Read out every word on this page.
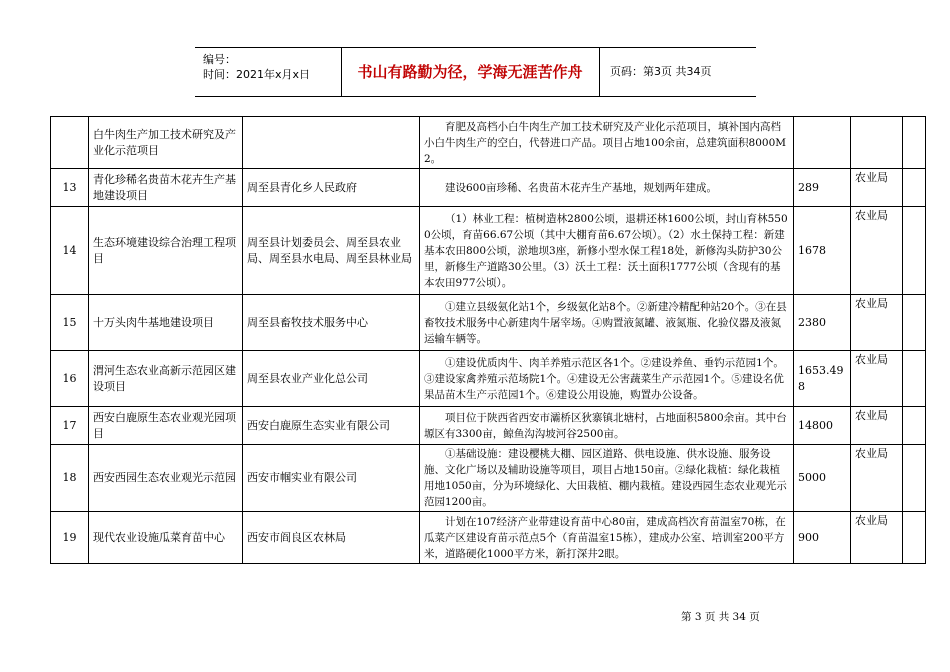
编号：
时间：2021年x月x日	书山有路勤为径，学海无涯苦作舟	页码：第3页 共34页
	白牛肉生产加工技术研究及产业化示范项目		育肥及高档小白牛肉生产加工技术研究及产业化示范项目，填补国内高档小白牛肉生产的空白，代替进口产品。项目占地100余亩，总建筑面积8000M2。			
13	青化珍稀名贵苗木花卉生产基地建设项目	周至县青化乡人民政府	建设600亩珍稀、名贵苗木花卉生产基地，规划两年建成。	289	农业局	
14	生态环境建设综合治理工程项目	周至县计划委员会、周至县农业局、周至县水电局、周至县林业局	（1）林业工程：植树造林2800公顷，退耕还林1600公顷，封山育林5500公顷，育苗66.67公顷（其中大棚育苗6.67公顷）。（2）水土保持工程：新建基本农田800公顷，淤地坝3座，新修小型水保工程18处，新修沟头防护30公里，新修生产道路30公里。（3）沃土工程：沃土面积1777公顷（含现有的基本农田977公顷）。	1678	农业局	
15	十万头肉牛基地建设项目	周至县畜牧技术服务中心	①建立县级氨化站1个，乡级氨化站8个。②新建冷精配种站20个。③在县畜牧技术服务中心新建肉牛屠宰场。④购置液氮罐、液氮瓶、化验仪器及液氮运输车辆等。	2380	农业局	
16	渭河生态农业高新示范园区建设项目	周至县农业产业化总公司	①建设优质肉牛、肉羊养殖示范区各1个。②建设养鱼、垂钓示范园1个。③建设家禽养殖示范场院1个。④建设无公害蔬菜生产示范园1个。⑤建设名优果品苗木生产示范园1个。⑥建设公用设施，购置办公设备。	1653.498	农业局	
17	西安白鹿原生态农业观光园项目	西安白鹿原生态实业有限公司	项目位于陕西省西安市灞桥区狄寨镇北塘村，占地面积5800余亩。其中台塬区有3300亩，鲸鱼沟沟坡河谷2500亩。	14800	农业局	
18	西安西园生态农业观光示范园	西安市帼实业有限公司	①基础设施：建设樱桃大棚、园区道路、供电设施、供水设施、服务设施、文化广场以及辅助设施等项目，项目占地150亩。②绿化栽植：绿化栽植用地1050亩，分为环境绿化、大田栽植、棚内栽植。建设西园生态农业观光示范园1200亩。	5000	农业局	
19	现代农业设施瓜菜育苗中心	西安市阎良区农林局	计划在107经济产业带建设育苗中心80亩，建成高档次育苗温室70栋，在瓜菜产区建设育苗示范点5个（育苗温室15栋），建成办公室、培训室200平方米，道路硬化1000平方米，新打深井2眼。	900	农业局	
第 3 页 共 34 页
